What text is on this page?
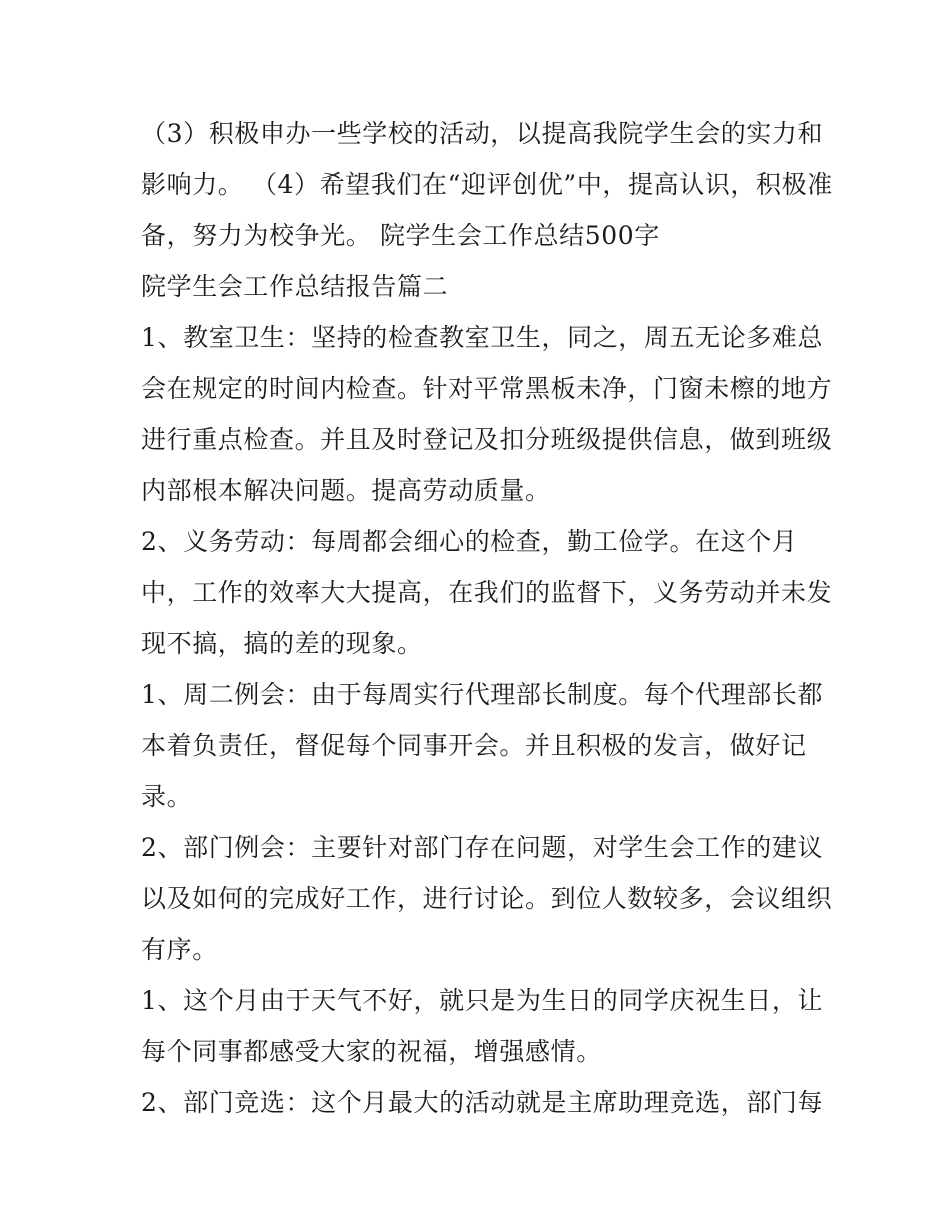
（3）积极申办一些学校的活动，以提高我院学生会的实力和
影响力。 （4）希望我们在“迎评创优”中，提高认识，积极准
备，努力为校争光。 院学生会工作总结500字
院学生会工作总结报告篇二
1、教室卫生：坚持的检查教室卫生，同之，周五无论多难总
会在规定的时间内检查。针对平常黑板未净，门窗未檫的地方
进行重点检查。并且及时登记及扣分班级提供信息，做到班级
内部根本解决问题。提高劳动质量。
2、义务劳动：每周都会细心的检查，勤工俭学。在这个月
中，工作的效率大大提高，在我们的监督下，义务劳动并未发
现不搞，搞的差的现象。
1、周二例会：由于每周实行代理部长制度。每个代理部长都
本着负责任，督促每个同事开会。并且积极的发言，做好记
录。
2、部门例会：主要针对部门存在问题，对学生会工作的建议
以及如何的完成好工作，进行讨论。到位人数较多，会议组织
有序。
1、这个月由于天气不好，就只是为生日的同学庆祝生日，让
每个同事都感受大家的祝福，增强感情。
2、部门竞选：这个月最大的活动就是主席助理竞选，部门每
